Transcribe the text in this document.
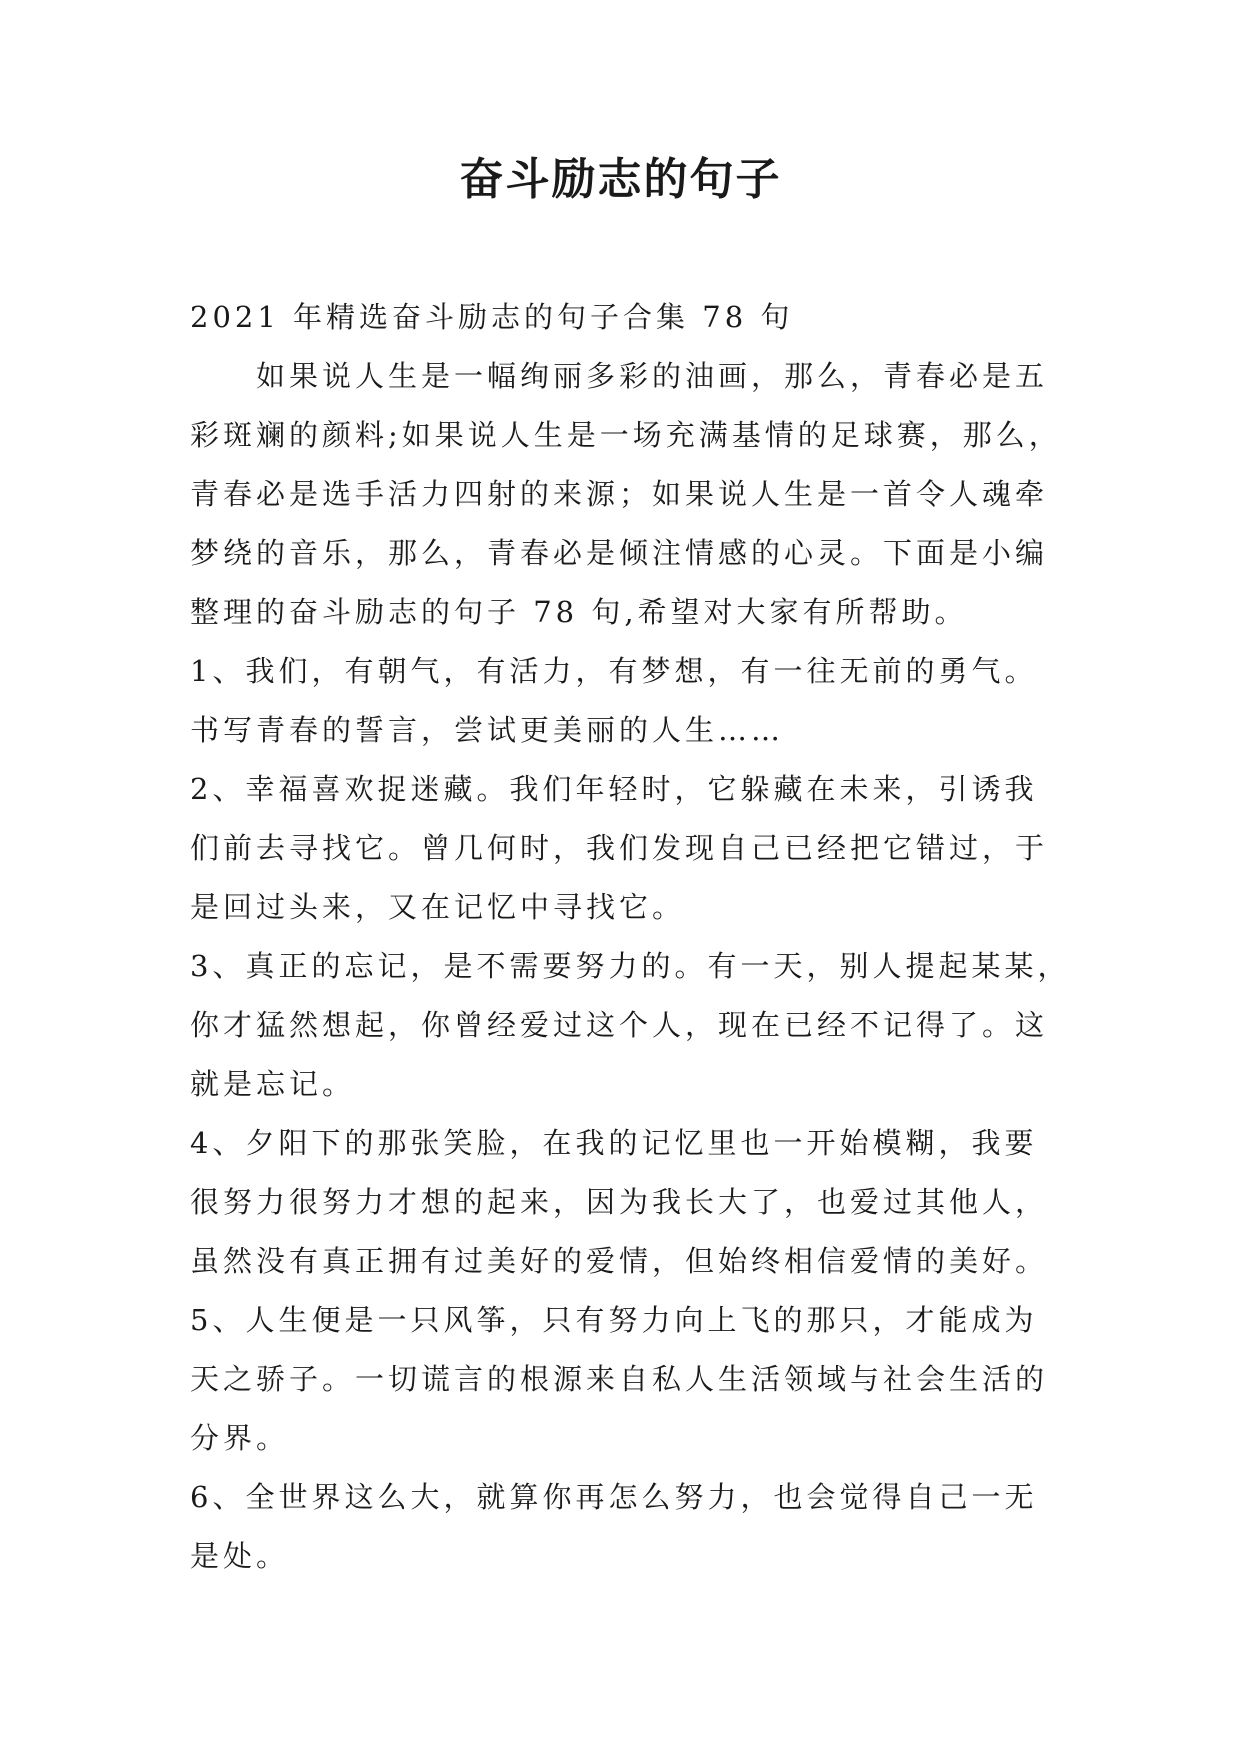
奋斗励志的句子

2021 年精选奋斗励志的句子合集 78 句

如果说人生是一幅绚丽多彩的油画，那么，青春必是五

彩斑斓的颜料;如果说人生是一场充满基情的足球赛，那么，

青春必是选手活力四射的来源；如果说人生是一首令人魂牵

梦绕的音乐，那么，青春必是倾注情感的心灵。下面是小编

整理的奋斗励志的句子 78 句,希望对大家有所帮助。

1、我们，有朝气，有活力，有梦想，有一往无前的勇气。

书写青春的誓言，尝试更美丽的人生……

2、幸福喜欢捉迷藏。我们年轻时，它躲藏在未来，引诱我

们前去寻找它。曾几何时，我们发现自己已经把它错过，于

是回过头来，又在记忆中寻找它。

3、真正的忘记，是不需要努力的。有一天，别人提起某某，

你才猛然想起，你曾经爱过这个人，现在已经不记得了。这

就是忘记。

4、夕阳下的那张笑脸，在我的记忆里也一开始模糊，我要

很努力很努力才想的起来，因为我长大了，也爱过其他人，

虽然没有真正拥有过美好的爱情，但始终相信爱情的美好。

5、人生便是一只风筝，只有努力向上飞的那只，才能成为

天之骄子。一切谎言的根源来自私人生活领域与社会生活的

分界。

6、全世界这么大，就算你再怎么努力，也会觉得自己一无

是处。
